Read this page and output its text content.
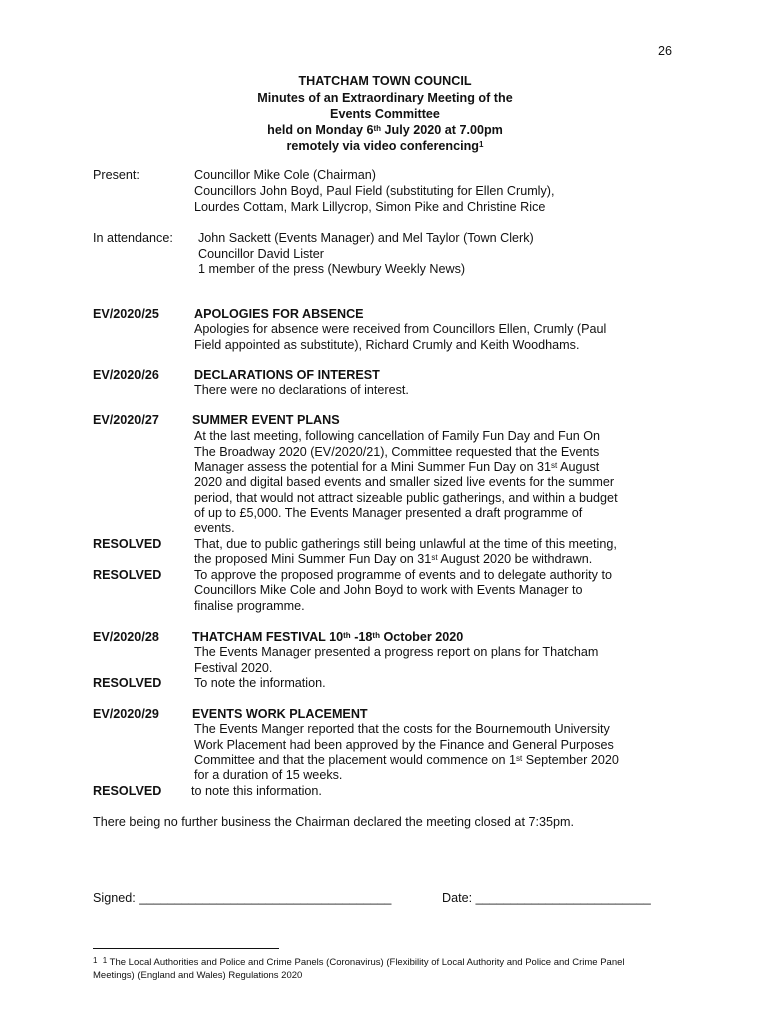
26
THATCHAM TOWN COUNCIL
Minutes of an Extraordinary Meeting of the
Events Committee
held on Monday 6th July 2020 at 7.00pm
remotely via video conferencing$^1$
Present:	Councillor Mike Cole (Chairman)
Councillors John Boyd, Paul Field (substituting for Ellen Crumly),
Lourdes Cottam, Mark Lillycrop, Simon Pike and Christine Rice
In attendance: John Sackett (Events Manager) and Mel Taylor (Town Clerk)
Councillor David Lister
1 member of the press (Newbury Weekly News)
EV/2020/25	APOLOGIES FOR ABSENCE
Apologies for absence were received from Councillors Ellen, Crumly (Paul
Field appointed as substitute), Richard Crumly and Keith Woodhams.
EV/2020/26	DECLARATIONS OF INTEREST
There were no declarations of interest.
EV/2020/27	SUMMER EVENT PLANS
At the last meeting, following cancellation of Family Fun Day and Fun On
The Broadway 2020 (EV/2020/21), Committee requested that the Events
Manager assess the potential for a Mini Summer Fun Day on 31st August
2020 and digital based events and smaller sized live events for the summer
period, that would not attract sizeable public gatherings, and within a budget
of up to £5,000. The Events Manager presented a draft programme of
events.
RESOLVED	That, due to public gatherings still being unlawful at the time of this meeting,
the proposed Mini Summer Fun Day on 31st August 2020 be withdrawn.
RESOLVED	To approve the proposed programme of events and to delegate authority to
Councillors Mike Cole and John Boyd to work with Events Manager to
finalise programme.
EV/2020/28	THATCHAM FESTIVAL 10th -18th October 2020
The Events Manager presented a progress report on plans for Thatcham
Festival 2020.
RESOLVED	To note the information.
EV/2020/29	EVENTS WORK PLACEMENT
The Events Manger reported that the costs for the Bournemouth University
Work Placement had been approved by the Finance and General Purposes
Committee and that the placement would commence on 1st September 2020
for a duration of 15 weeks.
RESOLVED to note this information.
There being no further business the Chairman declared the meeting closed at 7:35pm.
Signed: ____________________________________	Date: _________________________
$^1$ $^1$ The Local Authorities and Police and Crime Panels (Coronavirus) (Flexibility of Local Authority and Police and Crime Panel
Meetings) (England and Wales) Regulations 2020
